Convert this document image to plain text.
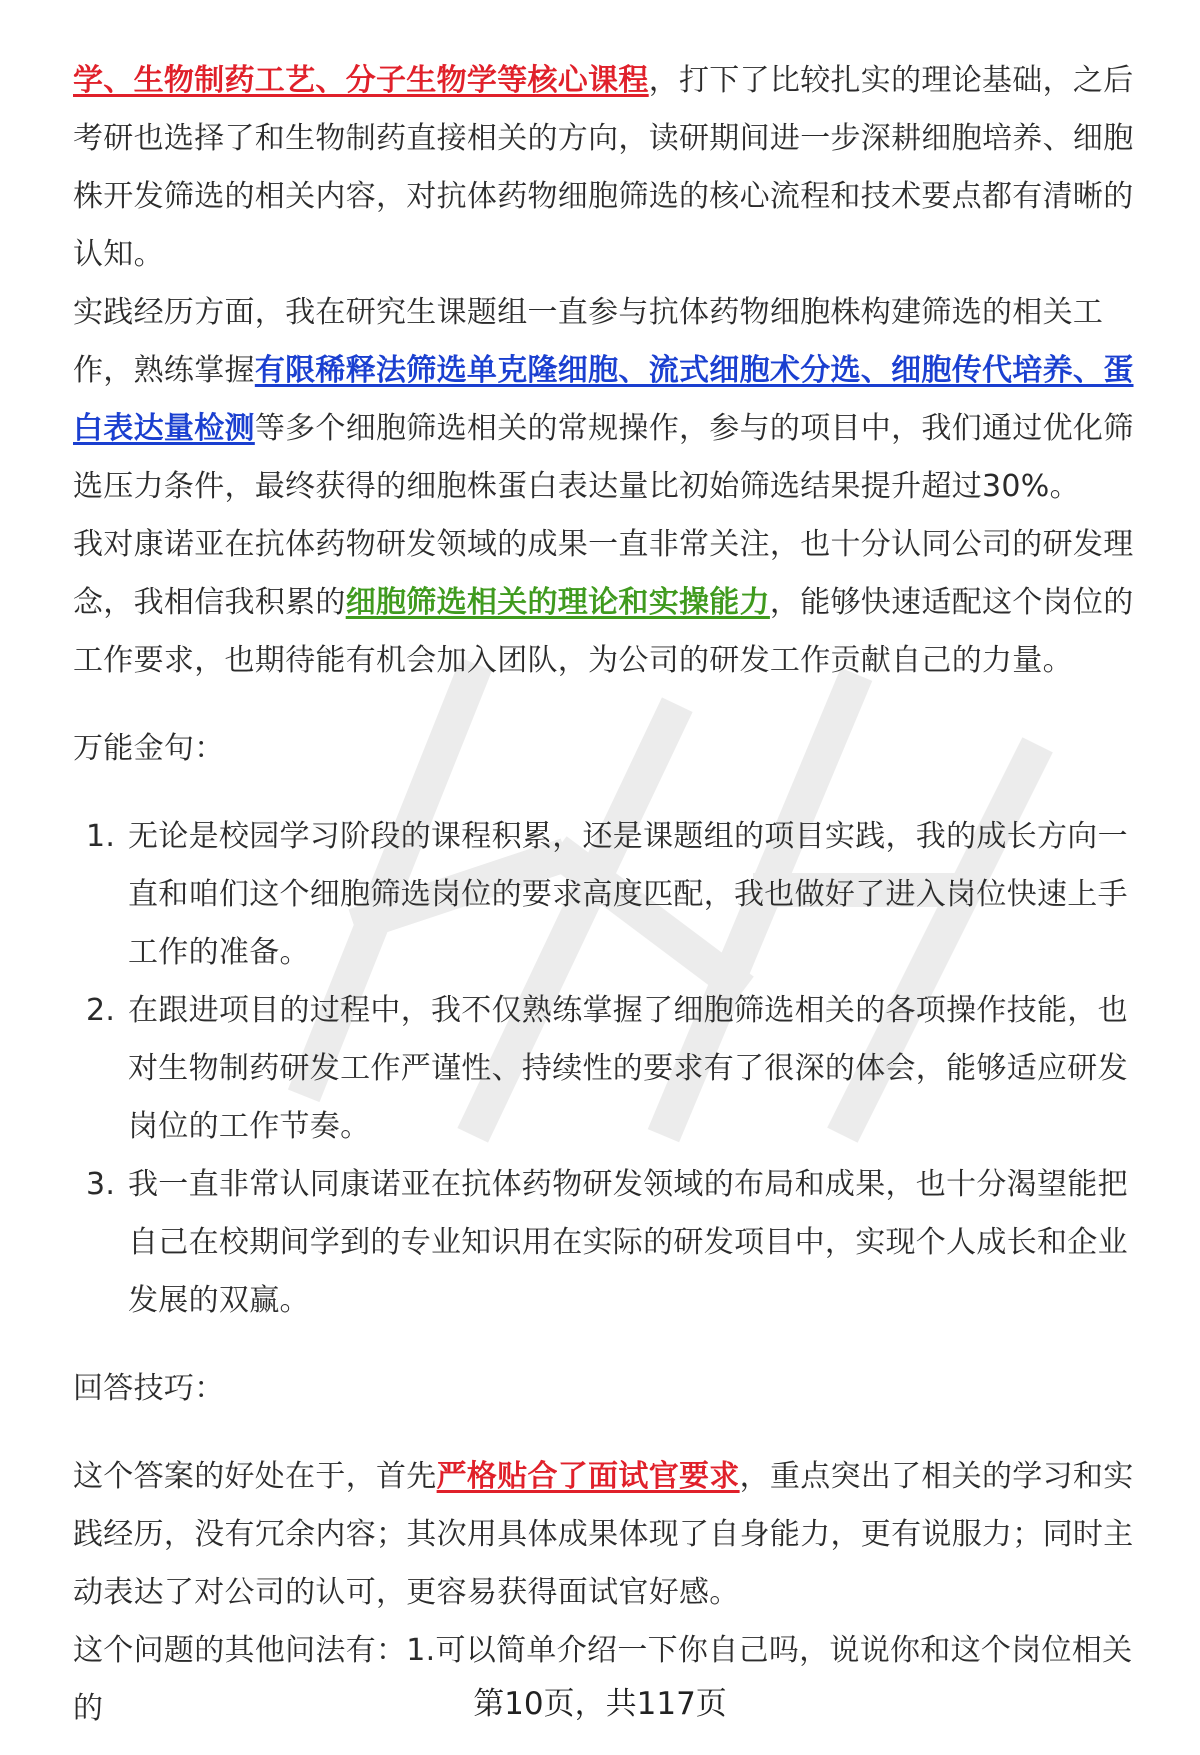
学、生物制药工艺、分子生物学等核心课程，打下了比较扎实的理论基础，之后考研也选择了和生物制药直接相关的方向，读研期间进一步深耕细胞培养、细胞株开发筛选的相关内容，对抗体药物细胞筛选的核心流程和技术要点都有清晰的认知。

实践经历方面，我在研究生课题组一直参与抗体药物细胞株构建筛选的相关工作，熟练掌握有限稀释法筛选单克隆细胞、流式细胞术分选、细胞传代培养、蛋白表达量检测等多个细胞筛选相关的常规操作，参与的项目中，我们通过优化筛选压力条件，最终获得的细胞株蛋白表达量比初始筛选结果提升超过30%。

我对康诺亚在抗体药物研发领域的成果一直非常关注，也十分认同公司的研发理念，我相信我积累的细胞筛选相关的理论和实操能力，能够快速适配这个岗位的工作要求，也期待能有机会加入团队，为公司的研发工作贡献自己的力量。

万能金句：

1. 无论是校园学习阶段的课程积累，还是课题组的项目实践，我的成长方向一直和咱们这个细胞筛选岗位的要求高度匹配，我也做好了进入岗位快速上手工作的准备。
2. 在跟进项目的过程中，我不仅熟练掌握了细胞筛选相关的各项操作技能，也对生物制药研发工作严谨性、持续性的要求有了很深的体会，能够适应研发岗位的工作节奏。
3. 我一直非常认同康诺亚在抗体药物研发领域的布局和成果，也十分渴望能把自己在校期间学到的专业知识用在实际的研发项目中，实现个人成长和企业发展的双赢。

回答技巧：

这个答案的好处在于，首先严格贴合了面试官要求，重点突出了相关的学习和实践经历，没有冗余内容；其次用具体成果体现了自身能力，更有说服力；同时主动表达了对公司的认可，更容易获得面试官好感。

这个问题的其他问法有：1.可以简单介绍一下你自己吗，说说你和这个岗位相关的	第10页，共117页
